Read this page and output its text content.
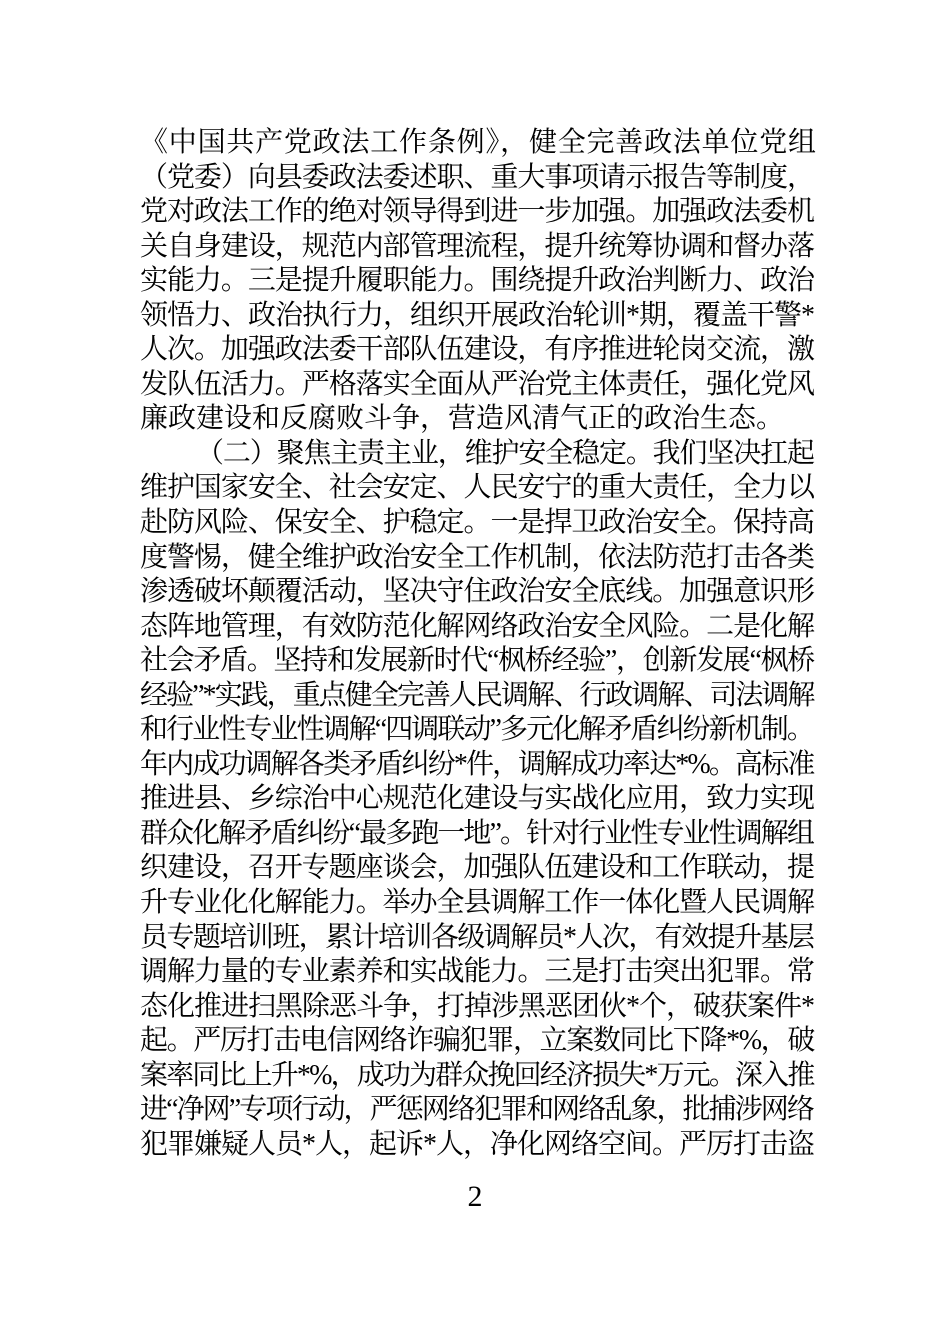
《中国共产党政法工作条例》，健全完善政法单位党组
（党委）向县委政法委述职、重大事项请示报告等制度，
党对政法工作的绝对领导得到进一步加强。加强政法委机
关自身建设，规范内部管理流程，提升统筹协调和督办落
实能力。三是提升履职能力。围绕提升政治判断力、政治
领悟力、政治执行力，组织开展政治轮训*期，覆盖干警*
人次。加强政法委干部队伍建设，有序推进轮岗交流，激
发队伍活力。严格落实全面从严治党主体责任，强化党风
廉政建设和反腐败斗争，营造风清气正的政治生态。
（二）聚焦主责主业，维护安全稳定。我们坚决扛起
维护国家安全、社会安定、人民安宁的重大责任，全力以
赴防风险、保安全、护稳定。一是捍卫政治安全。保持高
度警惕，健全维护政治安全工作机制，依法防范打击各类
渗透破坏颠覆活动，坚决守住政治安全底线。加强意识形
态阵地管理，有效防范化解网络政治安全风险。二是化解
社会矛盾。坚持和发展新时代“枫桥经验”，创新发展“枫桥
经验”*实践，重点健全完善人民调解、行政调解、司法调解
和行业性专业性调解“四调联动”多元化解矛盾纠纷新机制。
年内成功调解各类矛盾纠纷*件，调解成功率达*%。高标准
推进县、乡综治中心规范化建设与实战化应用，致力实现
群众化解矛盾纠纷“最多跑一地”。针对行业性专业性调解组
织建设，召开专题座谈会，加强队伍建设和工作联动，提
升专业化化解能力。举办全县调解工作一体化暨人民调解
员专题培训班，累计培训各级调解员*人次，有效提升基层
调解力量的专业素养和实战能力。三是打击突出犯罪。常
态化推进扫黑除恶斗争，打掉涉黑恶团伙*个，破获案件*
起。严厉打击电信网络诈骗犯罪，立案数同比下降*%，破
案率同比上升*%，成功为群众挽回经济损失*万元。深入推
进“净网”专项行动，严惩网络犯罪和网络乱象，批捕涉网络
犯罪嫌疑人员*人，起诉*人，净化网络空间。严厉打击盗
2
